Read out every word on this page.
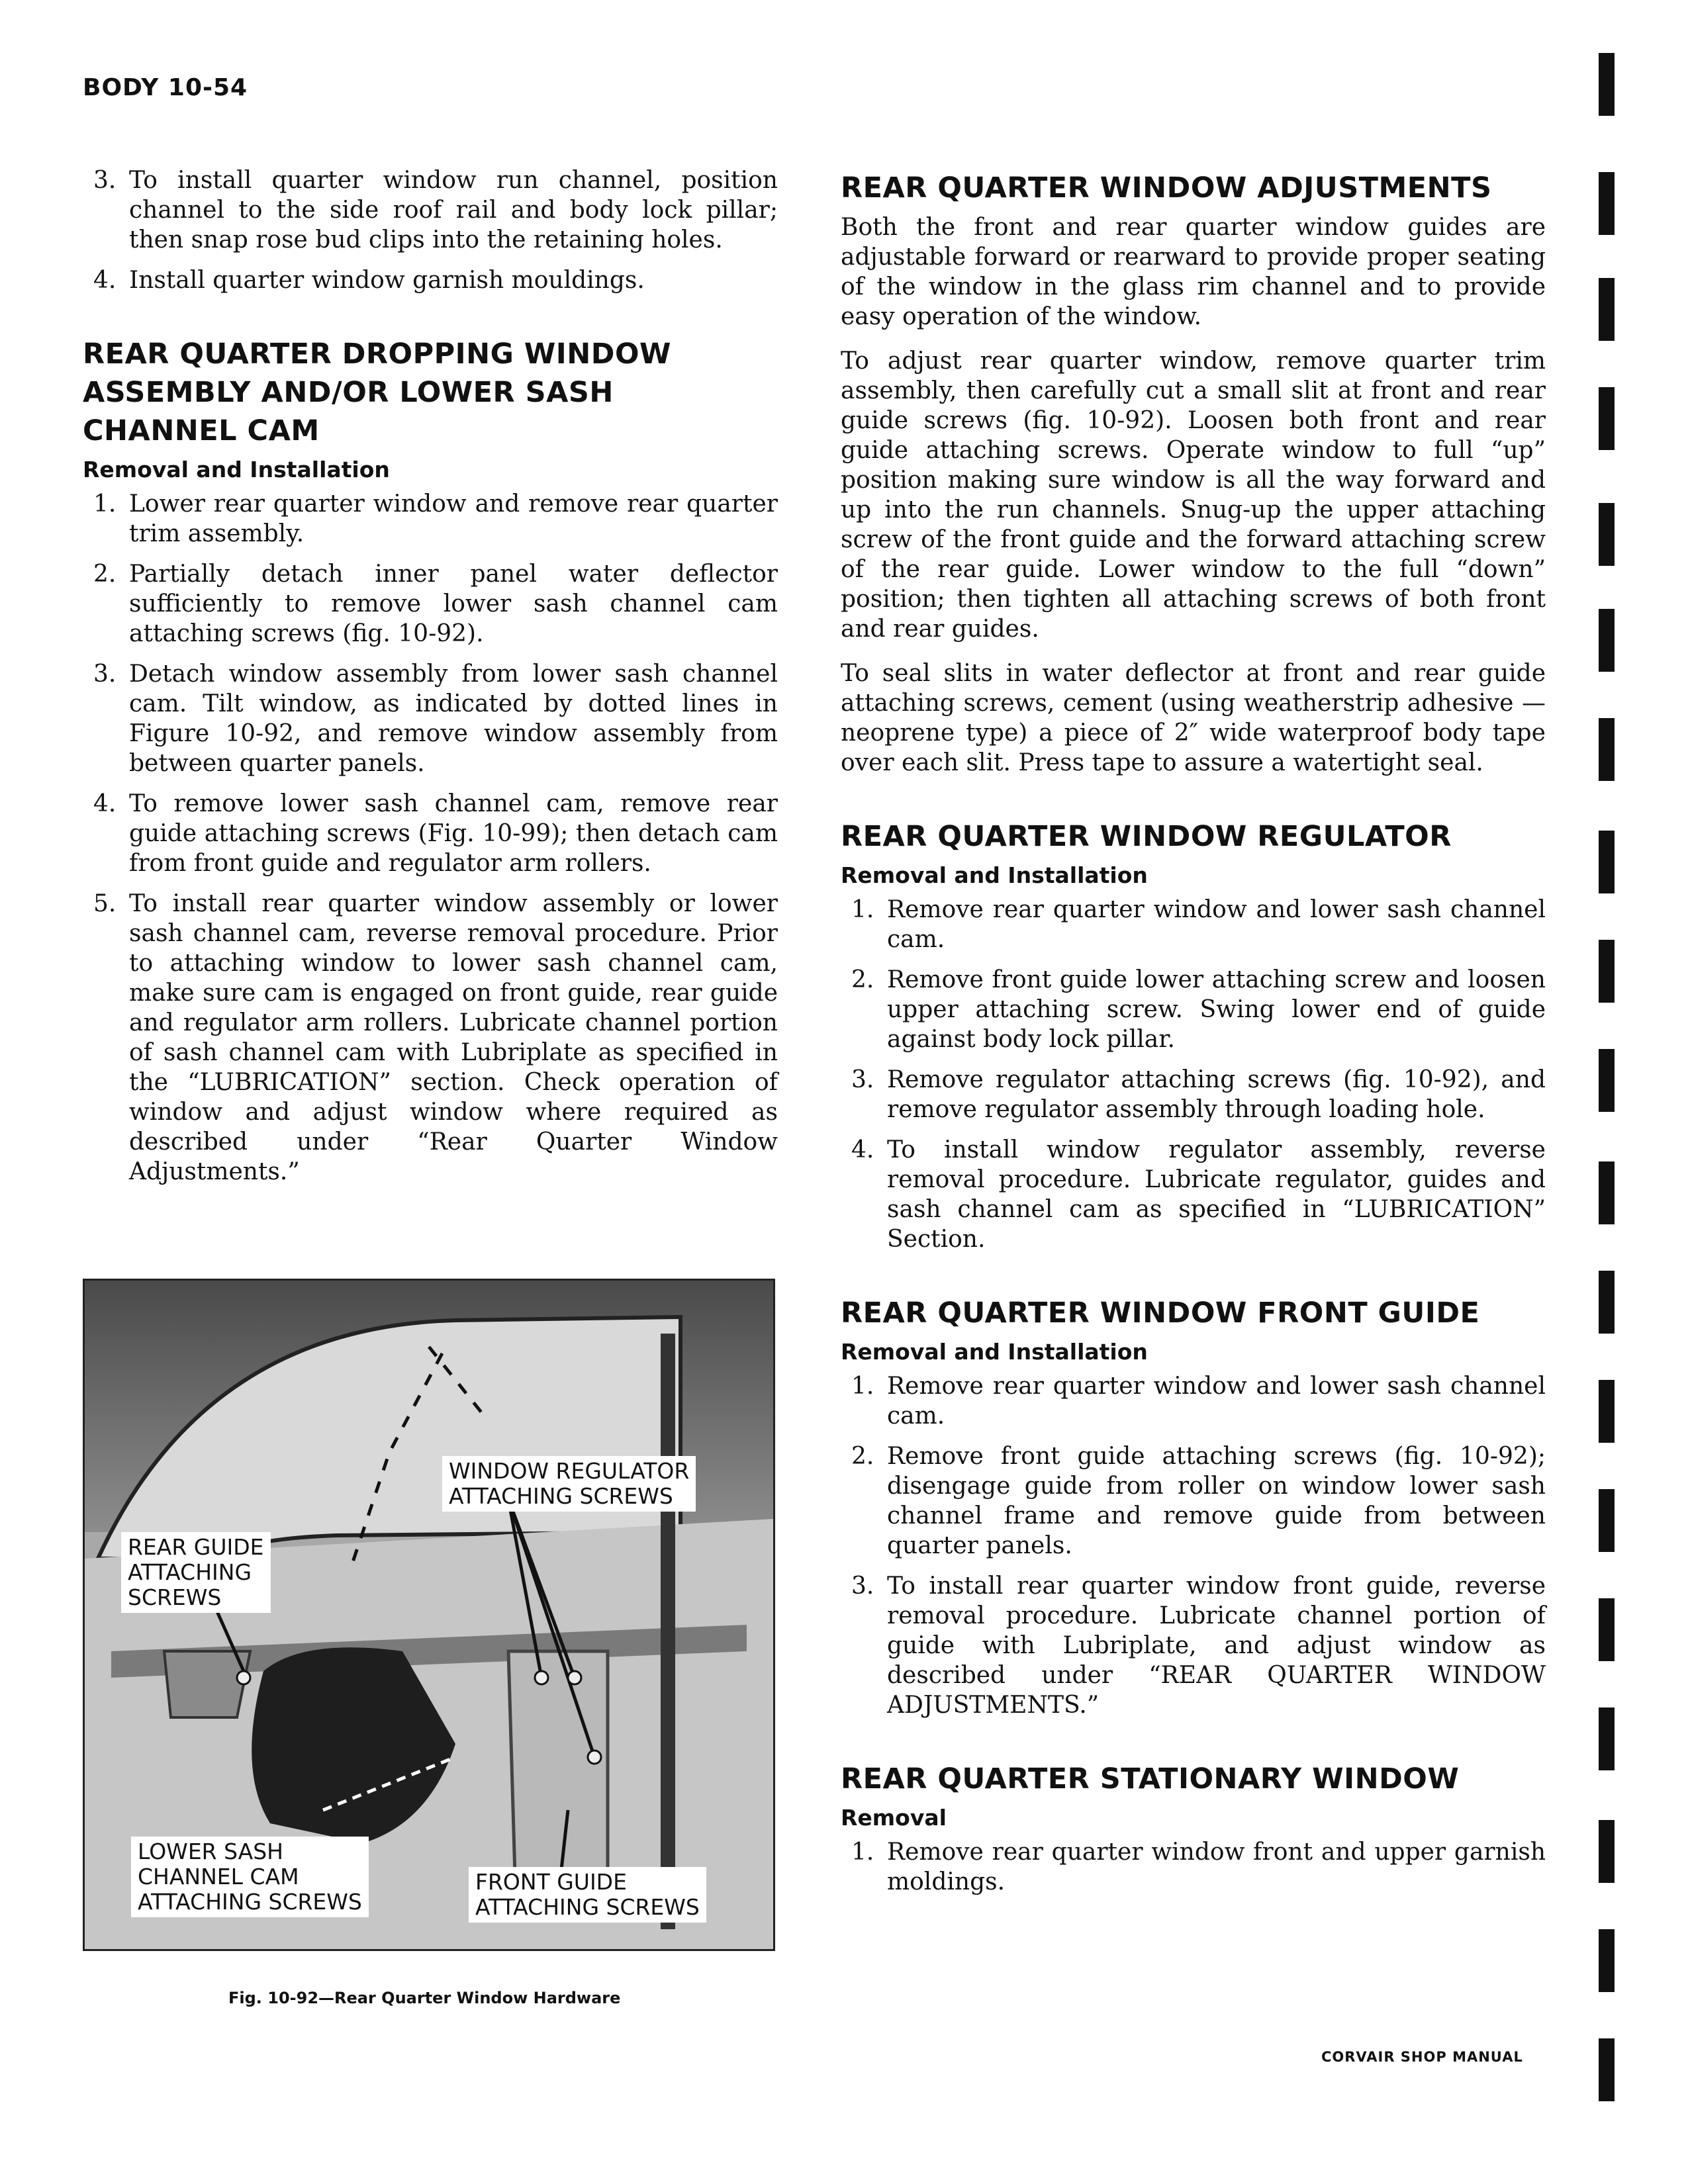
BODY 10-54
3. To install quarter window run channel, position channel to the side roof rail and body lock pillar; then snap rose bud clips into the retaining holes.
4. Install quarter window garnish mouldings.
REAR QUARTER DROPPING WINDOW ASSEMBLY AND/OR LOWER SASH CHANNEL CAM
Removal and Installation
1. Lower rear quarter window and remove rear quarter trim assembly.
2. Partially detach inner panel water deflector sufficiently to remove lower sash channel cam attaching screws (fig. 10-92).
3. Detach window assembly from lower sash channel cam. Tilt window, as indicated by dotted lines in Figure 10-92, and remove window assembly from between quarter panels.
4. To remove lower sash channel cam, remove rear guide attaching screws (Fig. 10-99); then detach cam from front guide and regulator arm rollers.
5. To install rear quarter window assembly or lower sash channel cam, reverse removal procedure. Prior to attaching window to lower sash channel cam, make sure cam is engaged on front guide, rear guide and regulator arm rollers. Lubricate channel portion of sash channel cam with Lubriplate as specified in the “LUBRICATION” section. Check operation of window and adjust window where required as described under “Rear Quarter Window Adjustments.”
WINDOW REGULATOR
ATTACHING SCREWS
REAR GUIDE
ATTACHING
SCREWS
LOWER SASH
CHANNEL CAM
ATTACHING SCREWS
FRONT GUIDE
ATTACHING SCREWS
Fig. 10-92—Rear Quarter Window Hardware
REAR QUARTER WINDOW ADJUSTMENTS

Both the front and rear quarter window guides are adjustable forward or rearward to provide proper seating of the window in the glass rim channel and to provide easy operation of the window.

To adjust rear quarter window, remove quarter trim assembly, then carefully cut a small slit at front and rear guide screws (fig. 10-92). Loosen both front and rear guide attaching screws. Operate window to full “up” position making sure window is all the way forward and up into the run channels. Snug-up the upper attaching screw of the front guide and the forward attaching screw of the rear guide. Lower window to the full “down” position; then tighten all attaching screws of both front and rear guides.

To seal slits in water deflector at front and rear guide attaching screws, cement (using weatherstrip adhesive —neoprene type) a piece of 2″ wide waterproof body tape over each slit. Press tape to assure a watertight seal.

REAR QUARTER WINDOW REGULATOR
Removal and Installation
1. Remove rear quarter window and lower sash channel cam.
2. Remove front guide lower attaching screw and loosen upper attaching screw. Swing lower end of guide against body lock pillar.
3. Remove regulator attaching screws (fig. 10-92), and remove regulator assembly through loading hole.
4. To install window regulator assembly, reverse removal procedure. Lubricate regulator, guides and sash channel cam as specified in “LUBRICATION” Section.
REAR QUARTER WINDOW FRONT GUIDE
Removal and Installation
1. Remove rear quarter window and lower sash channel cam.
2. Remove front guide attaching screws (fig. 10-92); disengage guide from roller on window lower sash channel frame and remove guide from between quarter panels.
3. To install rear quarter window front guide, reverse removal procedure. Lubricate channel portion of guide with Lubriplate, and adjust window as described under “REAR QUARTER WINDOW ADJUSTMENTS.”
REAR QUARTER STATIONARY WINDOW
Removal
1. Remove rear quarter window front and upper garnish moldings.
CORVAIR SHOP MANUAL
